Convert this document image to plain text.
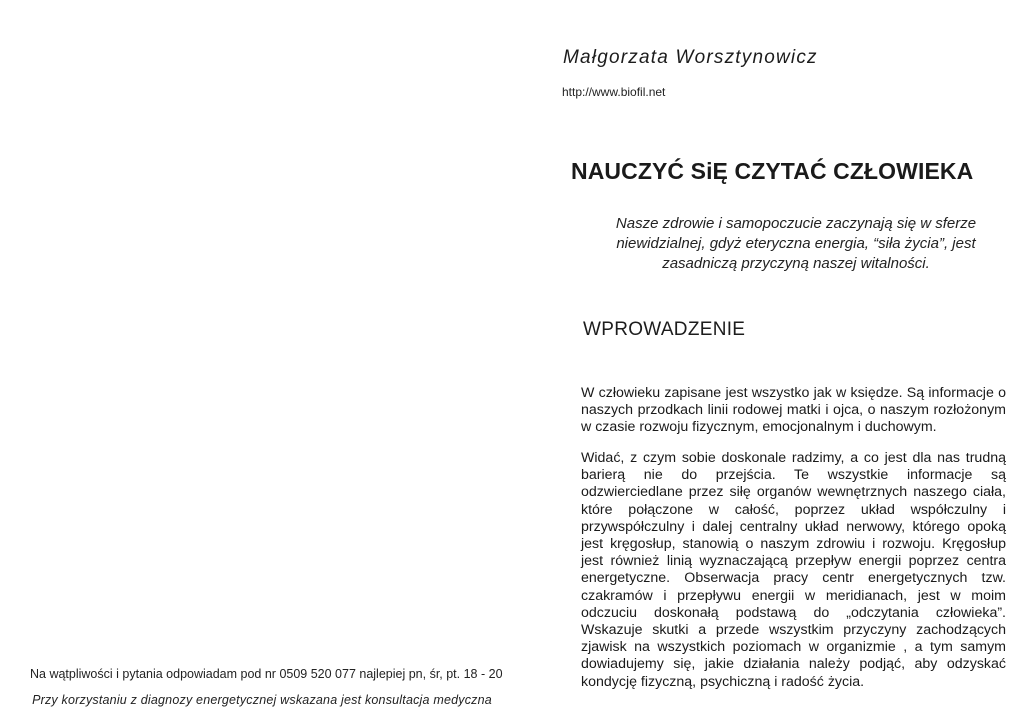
Małgorzata Worsztynowicz
http://www.biofil.net
NAUCZYĆ SiĘ CZYTAĆ CZŁOWIEKA
Nasze zdrowie i samopoczucie zaczynają się w sferze niewidzialnej, gdyż eteryczna energia, “siła życia”, jest zasadniczą przyczyną naszej witalności.
WPROWADZENIE

W człowieku zapisane jest wszystko jak w księdze. Są informacje o naszych przodkach linii rodowej matki i ojca, o naszym rozłożonym w czasie rozwoju fizycznym, emocjonalnym i duchowym.

Widać, z czym sobie doskonale radzimy, a co jest dla nas trudną barierą nie do przejścia. Te wszystkie informacje są odzwierciedlane przez siłę organów wewnętrznych naszego ciała, które połączone w całość, poprzez układ współczulny i przywspółczulny i dalej centralny układ nerwowy, którego opoką jest kręgosłup, stanowią o naszym zdrowiu i rozwoju. Kręgosłup jest również linią wyznaczającą przepływ energii poprzez centra energetyczne. Obserwacja pracy centr energetycznych tzw. czakramów i przepływu energii w meridianach, jest w moim odczuciu doskonałą podstawą do „odczytania człowieka”. Wskazuje skutki a przede wszystkim przyczyny zachodzących zjawisk na wszystkich poziomach w organizmie , a tym samym dowiadujemy się, jakie działania należy podjąć, aby odzyskać kondycję fizyczną, psychiczną i radość życia.

Na wątpliwości i pytania odpowiadam pod nr 0509 520 077 najlepiej pn, śr, pt. 18 - 20
Przy korzystaniu z diagnozy energetycznej wskazana jest konsultacja medyczna
